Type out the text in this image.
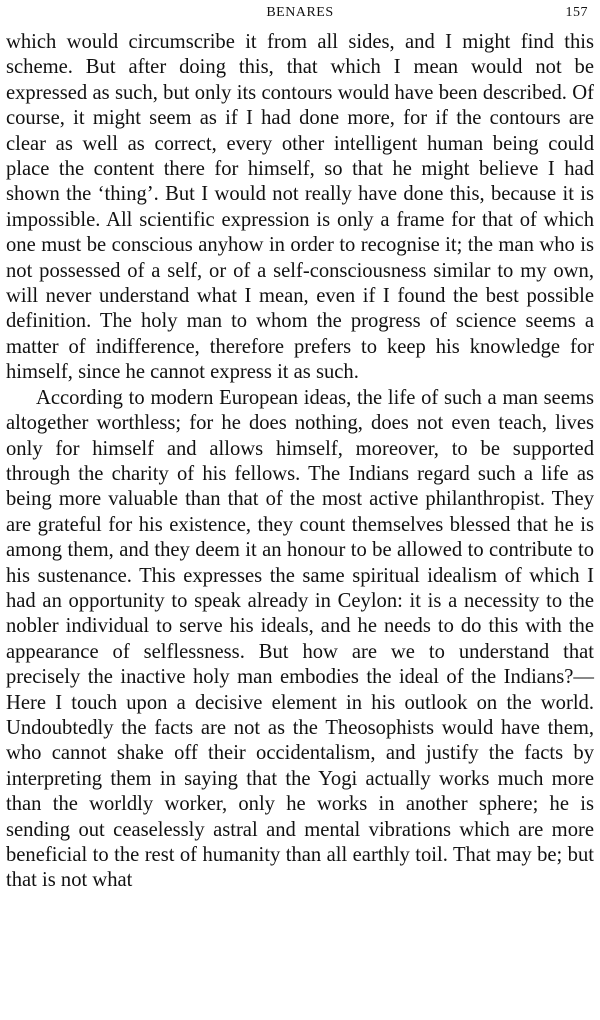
BENARES	157

which would circumscribe it from all sides, and I might find this scheme. But after doing this, that which I mean would not be expressed as such, but only its contours would have been described. Of course, it might seem as if I had done more, for if the contours are clear as well as correct, every other intelligent human being could place the content there for himself, so that he might believe I had shown the ‘thing’. But I would not really have done this, because it is impossible. All scientific expression is only a frame for that of which one must be conscious anyhow in order to recognise it; the man who is not possessed of a self, or of a self-consciousness similar to my own, will never understand what I mean, even if I found the best possible definition. The holy man to whom the progress of science seems a matter of indifference, therefore prefers to keep his knowledge for himself, since he cannot express it as such.

According to modern European ideas, the life of such a man seems altogether worthless; for he does nothing, does not even teach, lives only for himself and allows himself, moreover, to be supported through the charity of his fellows. The Indians regard such a life as being more valuable than that of the most active philanthropist. They are grateful for his existence, they count themselves blessed that he is among them, and they deem it an honour to be allowed to contribute to his sustenance. This expresses the same spiritual idealism of which I had an opportunity to speak already in Ceylon: it is a necessity to the nobler individual to serve his ideals, and he needs to do this with the appearance of selflessness. But how are we to understand that precisely the inactive holy man embodies the ideal of the Indians?—Here I touch upon a decisive element in his outlook on the world. Undoubtedly the facts are not as the Theosophists would have them, who cannot shake off their occidentalism, and justify the facts by interpreting them in saying that the Yogi actually works much more than the worldly worker, only he works in another sphere; he is sending out ceaselessly astral and mental vibrations which are more beneficial to the rest of humanity than all earthly toil. That may be; but that is not what
